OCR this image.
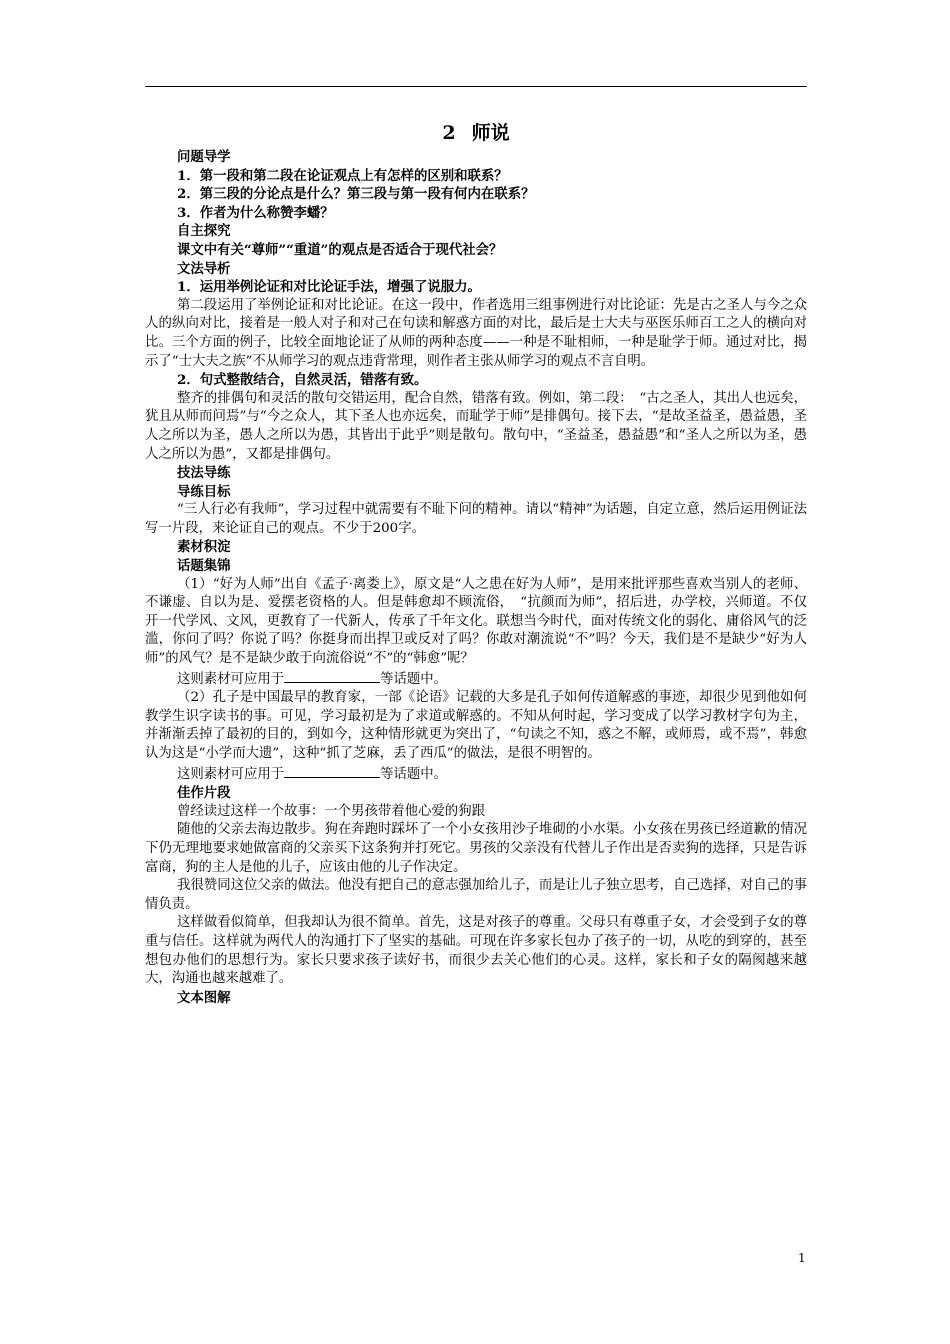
2 师说
问题导学
1．第一段和第二段在论证观点上有怎样的区别和联系？
2．第三段的分论点是什么？第三段与第一段有何内在联系？
3．作者为什么称赞李蟠？
自主探究
课文中有关“尊师”“重道”的观点是否适合于现代社会？
文法导析
1．运用举例论证和对比论证手法，增强了说服力。

第二段运用了举例论证和对比论证。在这一段中，作者选用三组事例进行对比论证：先是古之圣人与今之众人的纵向对比，接着是一般人对子和对己在句读和解惑方面的对比，最后是士大夫与巫医乐师百工之人的横向对比。三个方面的例子，比较全面地论证了从师的两种态度——一种是不耻相师，一种是耻学于师。通过对比，揭示了“士大夫之族”不从师学习的观点违背常理，则作者主张从师学习的观点不言自明。

2．句式整散结合，自然灵活，错落有致。

整齐的排偶句和灵活的散句交错运用，配合自然，错落有致。例如，第二段：　“古之圣人，其出人也远矣，犹且从师而问焉”与“今之众人，其下圣人也亦远矣，而耻学于师”是排偶句。接下去，“是故圣益圣，愚益愚，圣人之所以为圣，愚人之所以为愚，其皆出于此乎”则是散句。散句中，“圣益圣，愚益愚”和“圣人之所以为圣，愚人之所以为愚”，又都是排偶句。

技法导练
导练目标

“三人行必有我师”，学习过程中就需要有不耻下问的精神。请以“精神”为话题，自定立意，然后运用例证法写一片段，来论证自己的观点。不少于200字。

素材积淀
话题集锦

（1）“好为人师”出自《孟子·离娄上》，原文是“人之患在好为人师”，是用来批评那些喜欢当别人的老师、不谦虚、自以为是、爱摆老资格的人。但是韩愈却不顾流俗，　“抗颜而为师”，招后进，办学校，兴师道。不仅开一代学风、文风，更教育了一代新人，传承了千年文化。联想当今时代，面对传统文化的弱化、庸俗风气的泛滥，你问了吗？你说了吗？你挺身而出捍卫或反对了吗？你敢对潮流说“不”吗？今天，我们是不是缺少“好为人师”的风气？是不是缺少敢于向流俗说“不”的“韩愈”呢？

这则素材可应用于	等话题中。

（2）孔子是中国最早的教育家，一部《论语》记载的大多是孔子如何传道解惑的事迹，却很少见到他如何教学生识字读书的事。可见，学习最初是为了求道或解惑的。不知从何时起，学习变成了以学习教材字句为主，并渐渐丢掉了最初的目的，到如今，这种情形就更为突出了，“句读之不知，惑之不解，或师焉，或不焉”，韩愈认为这是“小学而大遗”，这种“抓了芝麻，丢了西瓜”的做法，是很不明智的。

这则素材可应用于	等话题中。

佳作片段

曾经读过这样一个故事：一个男孩带着他心爱的狗跟

随他的父亲去海边散步。狗在奔跑时踩坏了一个小女孩用沙子堆砌的小水渠。小女孩在男孩已经道歉的情况下仍无理地要求她做富商的父亲买下这条狗并打死它。男孩的父亲没有代替儿子作出是否卖狗的选择，只是告诉富商，狗的主人是他的儿子，应该由他的儿子作决定。

我很赞同这位父亲的做法。他没有把自己的意志强加给儿子，而是让儿子独立思考，自己选择，对自己的事情负责。

这样做看似简单，但我却认为很不简单。首先，这是对孩子的尊重。父母只有尊重子女，才会受到子女的尊重与信任。这样就为两代人的沟通打下了坚实的基础。可现在许多家长包办了孩子的一切，从吃的到穿的，甚至想包办他们的思想行为。家长只要求孩子读好书，而很少去关心他们的心灵。这样，家长和子女的隔阂越来越大，沟通也越来越难了。

文本图解
1
